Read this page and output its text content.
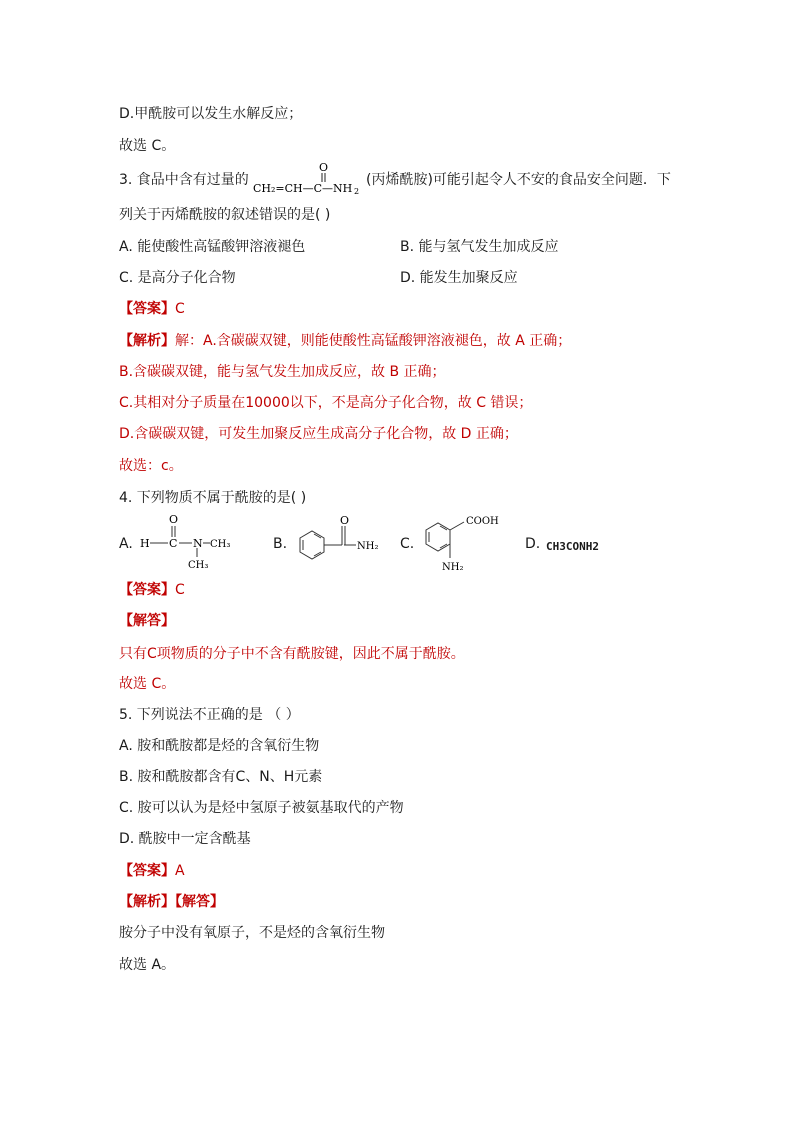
D.甲酰胺可以发生水解反应；
故选 C。
3. 食品中含有过量的
O
CH₂=CH—C—NH 2
(丙烯酰胺)可能引起令人不安的食品安全问题．下
列关于丙烯酰胺的叙述错误的是( )
A. 能使酸性高锰酸钾溶液褪色	B. 能与氢气发生加成反应
C. 是高分子化合物	D. 能发生加聚反应
【答案】C
【解析】解：A.含碳碳双键，则能使酸性高锰酸钾溶液褪色，故 A 正确；
B.含碳碳双键，能与氢气发生加成反应，故 B 正确；
C.其相对分子质量在10000以下，不是高分子化合物，故 C 错误；
D.含碳碳双键，可发生加聚反应生成高分子化合物，故 D 正确；
故选：c。
4. 下列物质不属于酰胺的是( )
A. H C
O
N CH₃
CH₃
B.
O
NH₂ C.
COOH
NH₂
D. CH3CONH2
【答案】C
【解答】
只有C项物质的分子中不含有酰胺键，因此不属于酰胺。
故选 C。
5. 下列说法不正确的是 （ ）
A. 胺和酰胺都是烃的含氧衍生物
B. 胺和酰胺都含有C、N、H元素
C. 胺可以认为是烃中氢原子被氨基取代的产物
D. 酰胺中一定含酰基
【答案】A
【解析】【解答】
胺分子中没有氧原子，不是烃的含氧衍生物
故选 A。
